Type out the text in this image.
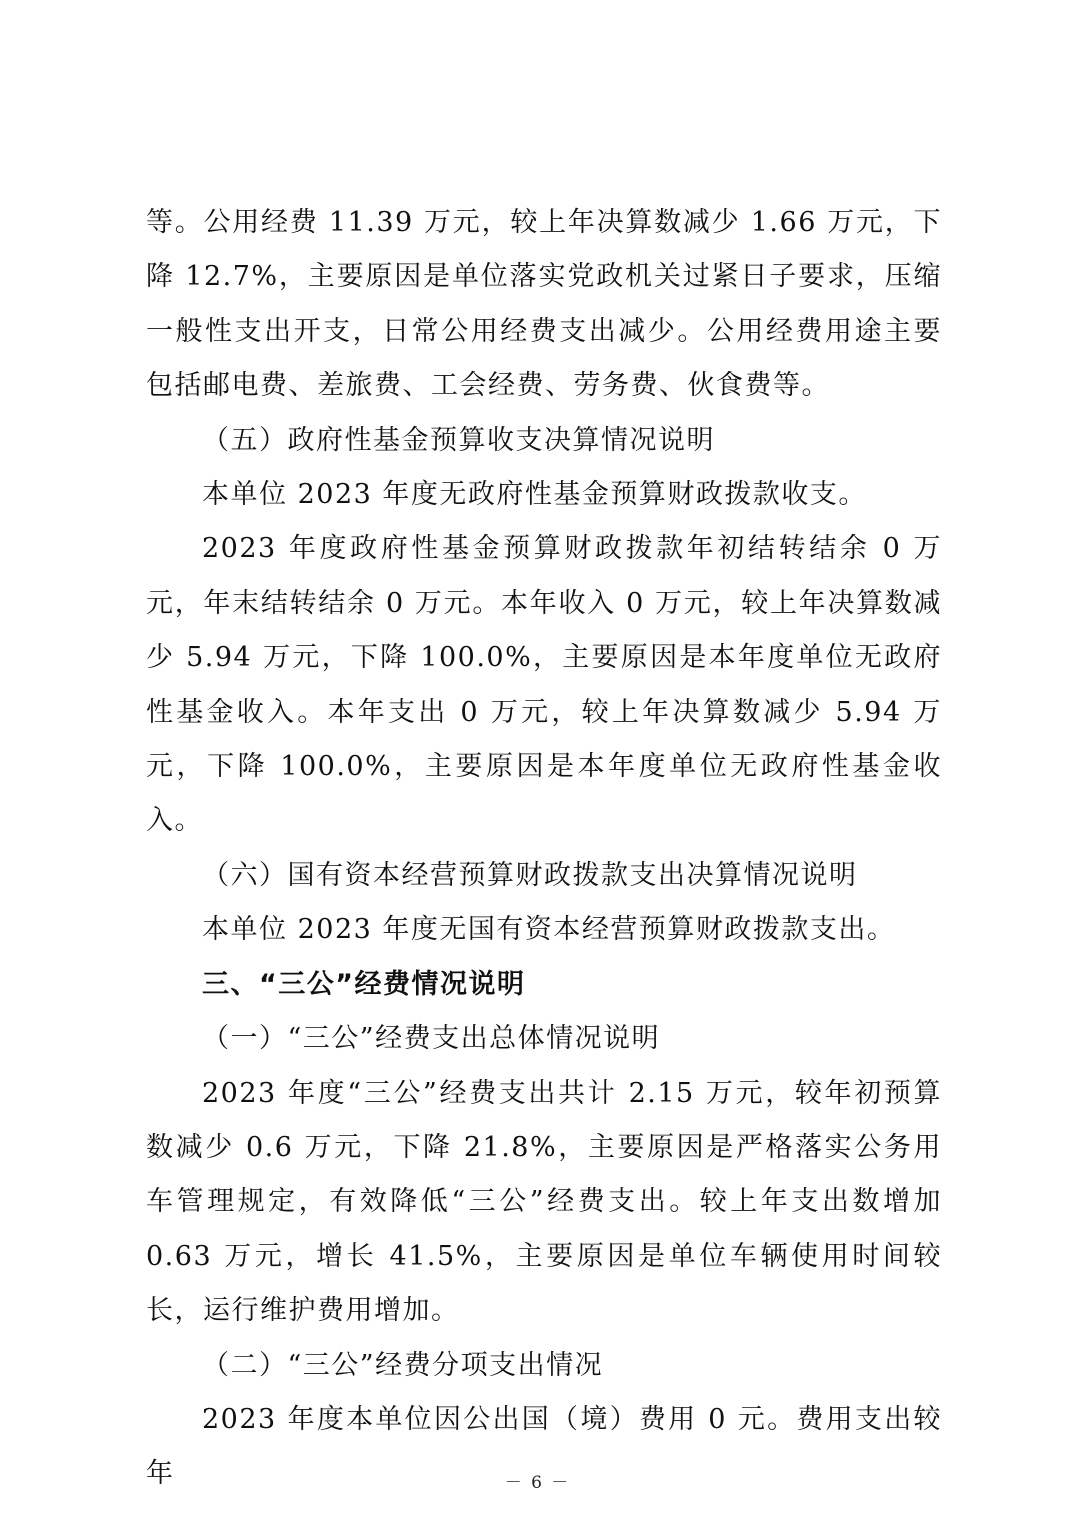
等。公用经费 11.39 万元，较上年决算数减少 1.66 万元，下降 12.7%，主要原因是单位落实党政机关过紧日子要求，压缩一般性支出开支，日常公用经费支出减少。公用经费用途主要包括邮电费、差旅费、工会经费、劳务费、伙食费等。

（五）政府性基金预算收支决算情况说明

本单位 2023 年度无政府性基金预算财政拨款收支。

2023 年度政府性基金预算财政拨款年初结转结余 0 万元，年末结转结余 0 万元。本年收入 0 万元，较上年决算数减少 5.94 万元，下降 100.0%，主要原因是本年度单位无政府性基金收入。本年支出 0 万元，较上年决算数减少 5.94 万元，下降 100.0%，主要原因是本年度单位无政府性基金收入。

（六）国有资本经营预算财政拨款支出决算情况说明

本单位 2023 年度无国有资本经营预算财政拨款支出。

三、“三公”经费情况说明

（一）“三公”经费支出总体情况说明

2023 年度“三公”经费支出共计 2.15 万元，较年初预算数减少 0.6 万元，下降 21.8%，主要原因是严格落实公务用车管理规定，有效降低“三公”经费支出。较上年支出数增加 0.63 万元，增长 41.5%，主要原因是单位车辆使用时间较长，运行维护费用增加。

（二）“三公”经费分项支出情况

2023 年度本单位因公出国（境）费用 0 元。费用支出较年	－ 6 －
